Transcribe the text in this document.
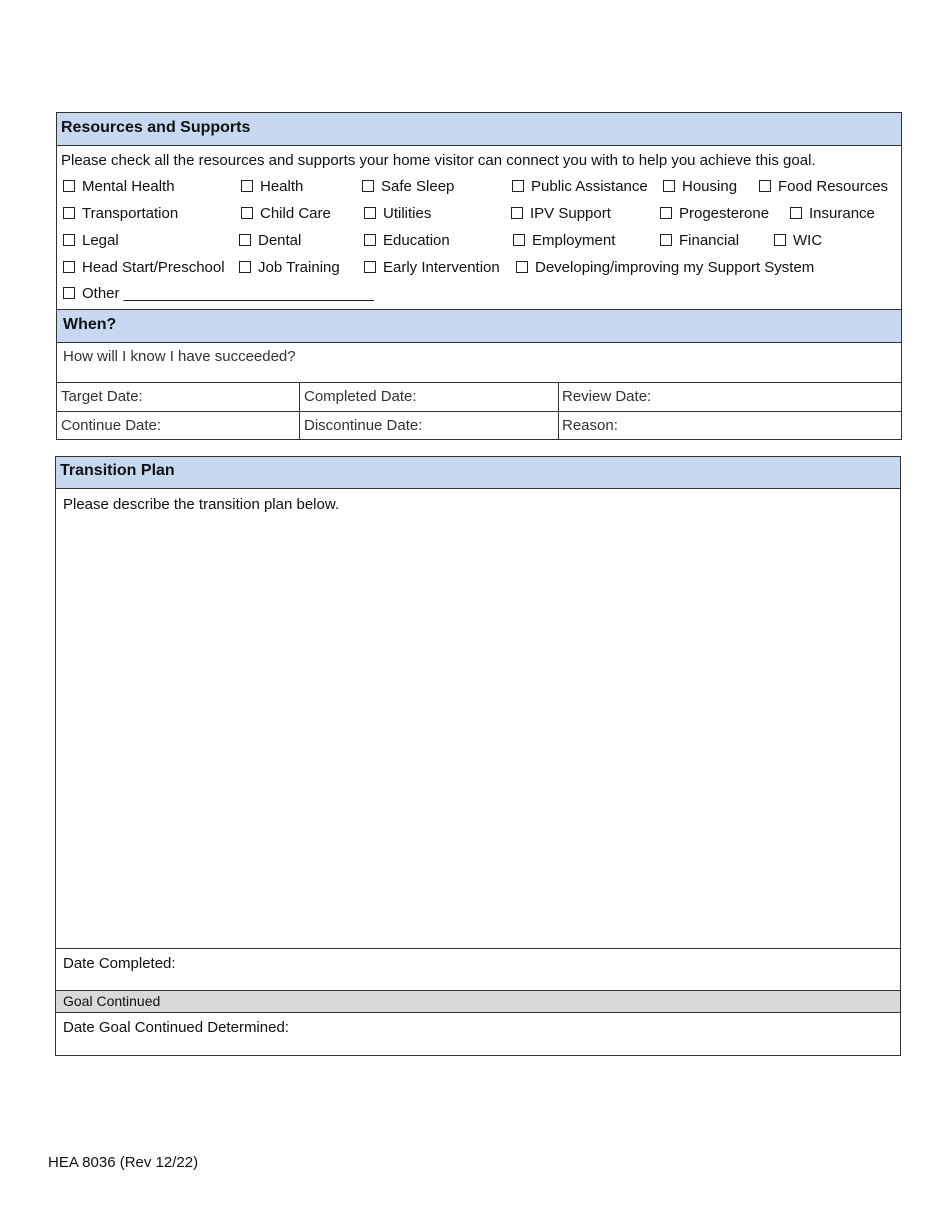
Resources and Supports
Please check all the resources and supports your home visitor can connect you with to help you achieve this goal.
Mental Health	Health	Safe Sleep	Public Assistance	Housing	Food Resources
Transportation	Child Care	Utilities	IPV Support	Progesterone	Insurance
Legal	Dental	Education	Employment	Financial	WIC
Head Start/Preschool	Job Training	Early Intervention	Developing/improving my Support System
Other ______________________________
When?
How will I know I have succeeded?
Target Date:	Completed Date:	Review Date:
Continue Date:	Discontinue Date:	Reason:
Transition Plan
Please describe the transition plan below.
Date Completed:
Goal Continued
Date Goal Continued Determined:
HEA 8036 (Rev 12/22)
